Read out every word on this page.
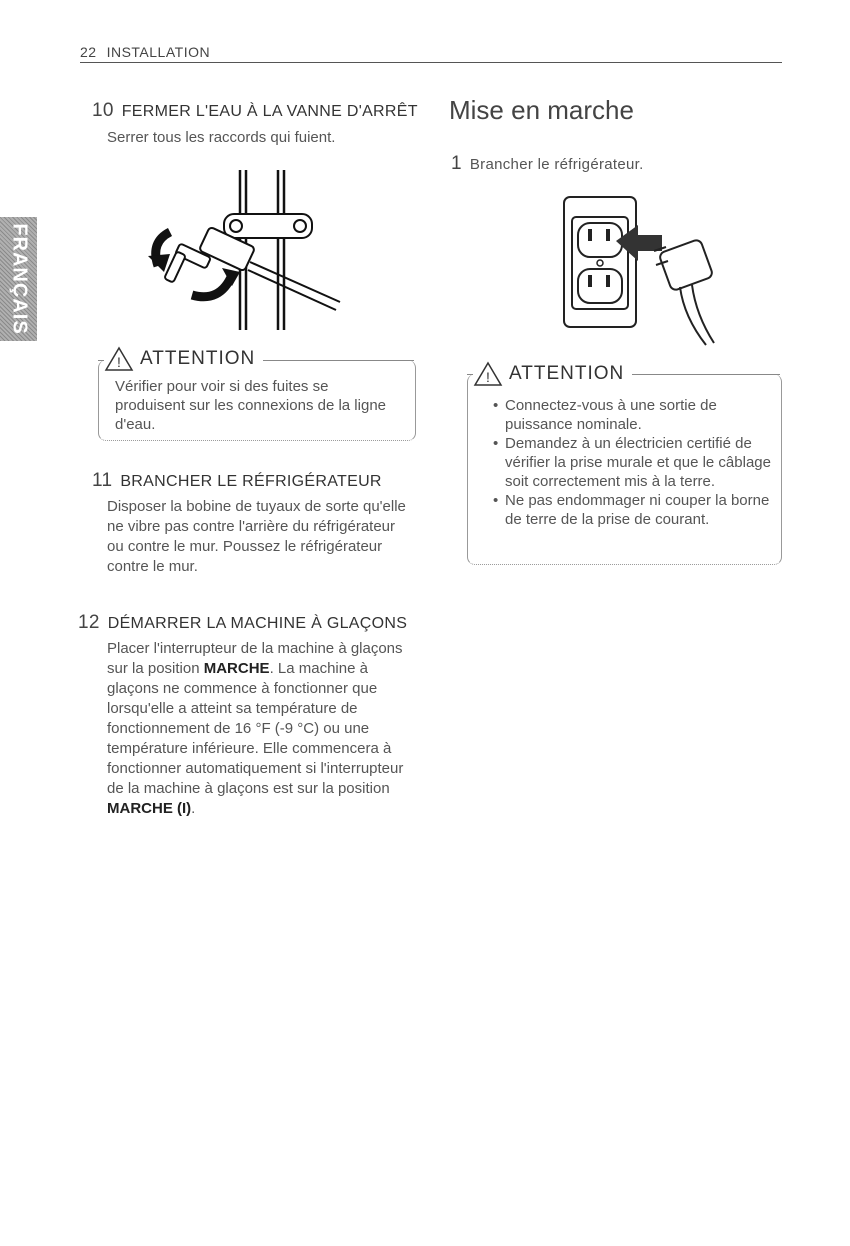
22 INSTALLATION
FRANÇAIS
10 FERMER L'EAU À LA VANNE D'ARRÊT
Serrer tous les raccords qui fuient.
! ATTENTION
Vérifier pour voir si des fuites se produisent sur les connexions de la ligne d'eau.
11 BRANCHER LE RÉFRIGÉRATEUR
Disposer la bobine de tuyaux de sorte qu'elle ne vibre pas contre l'arrière du réfrigérateur ou contre le mur. Poussez le réfrigérateur contre le mur.
12 DÉMARRER LA MACHINE À GLAÇONS
Placer l'interrupteur de la machine à glaçons sur la position MARCHE. La machine à glaçons ne commence à fonctionner que lorsqu'elle a atteint sa température de fonctionnement de 16 °F (-9 °C) ou une température inférieure. Elle commencera à fonctionner automatiquement si l'interrupteur de la machine à glaçons est sur la position MARCHE (I).
Mise en marche
1 Brancher le réfrigérateur.
! ATTENTION
• Connectez-vous à une sortie de puissance nominale.
• Demandez à un électricien certifié de vérifier la prise murale et que le câblage soit correctement mis à la terre.
• Ne pas endommager ni couper la borne de terre de la prise de courant.
